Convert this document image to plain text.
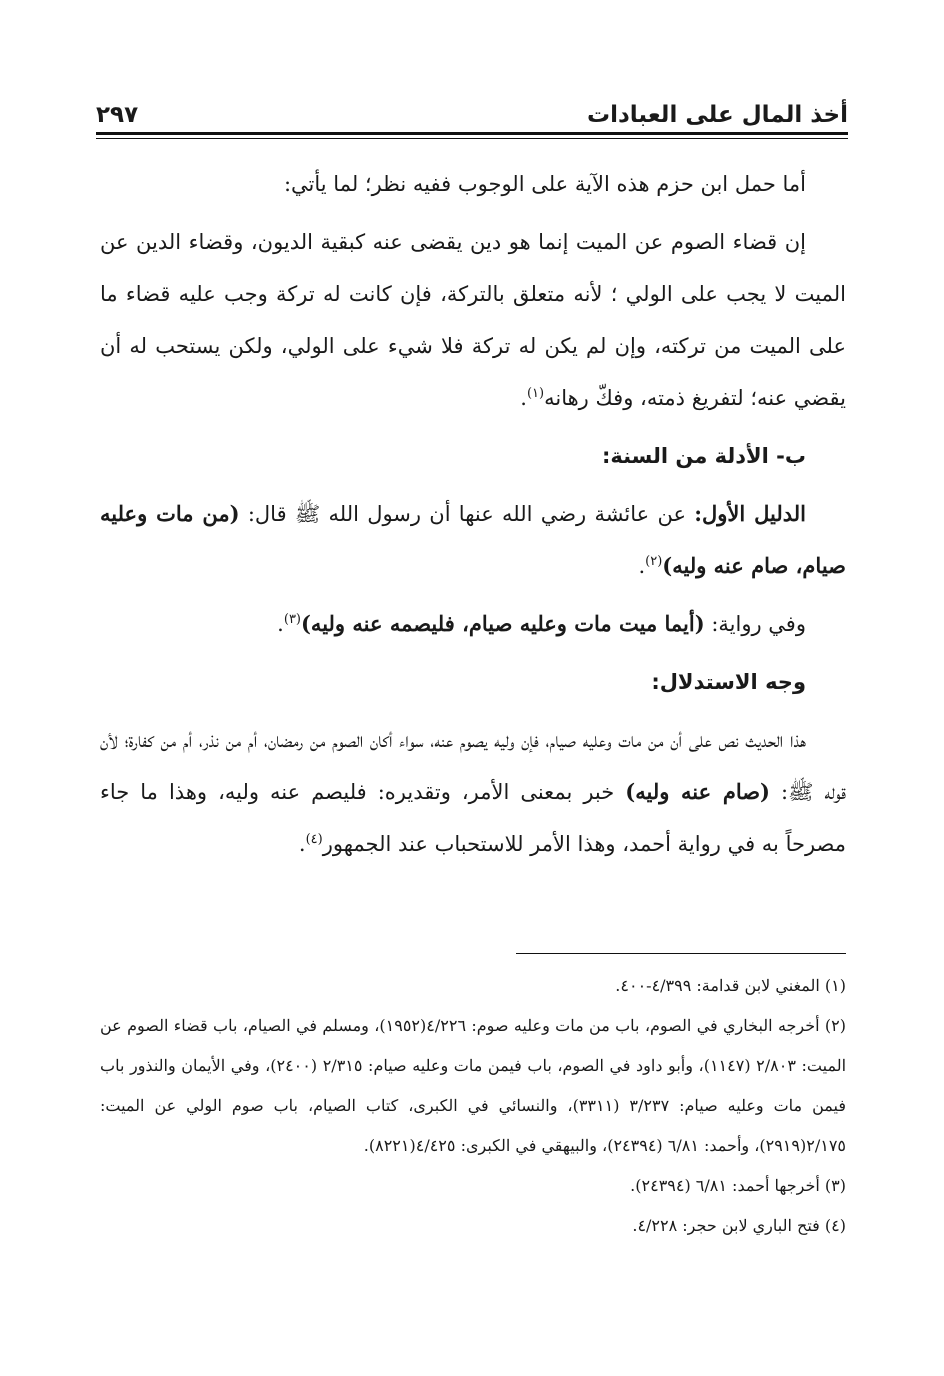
أخذ المال على العبادات
٢٩٧

أما حمل ابن حزم هذه الآية على الوجوب ففيه نظر؛ لما يأتي:

إن قضاء الصوم عن الميت إنما هو دين يقضى عنه كبقية الديون، وقضاء الدين عن الميت لا يجب على الولي ؛ لأنه متعلق بالتركة، فإن كانت له تركة وجب عليه قضاء ما على الميت من تركته، وإن لم يكن له تركة فلا شيء على الولي، ولكن يستحب له أن يقضي عنه؛ لتفريغ ذمته، وفكّ رهانه$^{(١)}$.

ب- الأدلة من السنة:

الدليل الأول: عن عائشة رضي الله عنها أن رسول الله ﷺ قال: (من مات وعليه صيام، صام عنه وليه)$^{(٢)}$.

وفي رواية: (أيما ميت مات وعليه صيام، فليصمه عنه وليه)$^{(٣)}$.

وجه الاستدلال:

هذا الحديث نص على أن من مات وعليه صيام، فإن وليه يصوم عنه، سواء أكان الصوم من رمضان، أم من نذر، أم من كفارة؛ لأن قوله ﷺ: (صام عنه وليه) خبر بمعنى الأمر، وتقديره: فليصم عنه وليه، وهذا ما جاء مصرحاً به في رواية أحمد، وهذا الأمر للاستحباب عند الجمهور$^{(٤)}$.

(١) المغني لابن قدامة: ٤/٣٩٩-٤٠٠.

(٢) أخرجه البخاري في الصوم، باب من مات وعليه صوم: ٤/٢٢٦(١٩٥٢)، ومسلم في الصيام، باب قضاء الصوم عن الميت: ٢/٨٠٣ (١١٤٧)، وأبو داود في الصوم، باب فيمن مات وعليه صيام: ٢/٣١٥ (٢٤٠٠)، وفي الأيمان والنذور باب فيمن مات وعليه صيام: ٣/٢٣٧ (٣٣١١)، والنسائي في الكبرى، كتاب الصيام، باب صوم الولي عن الميت: ٢/١٧٥(٢٩١٩)، وأحمد: ٦/٨١ (٢٤٣٩٤)، والبيهقي في الكبرى: ٤/٤٢٥(٨٢٢١).

(٣) أخرجها أحمد: ٦/٨١ (٢٤٣٩٤).

(٤) فتح الباري لابن حجر: ٤/٢٢٨.
